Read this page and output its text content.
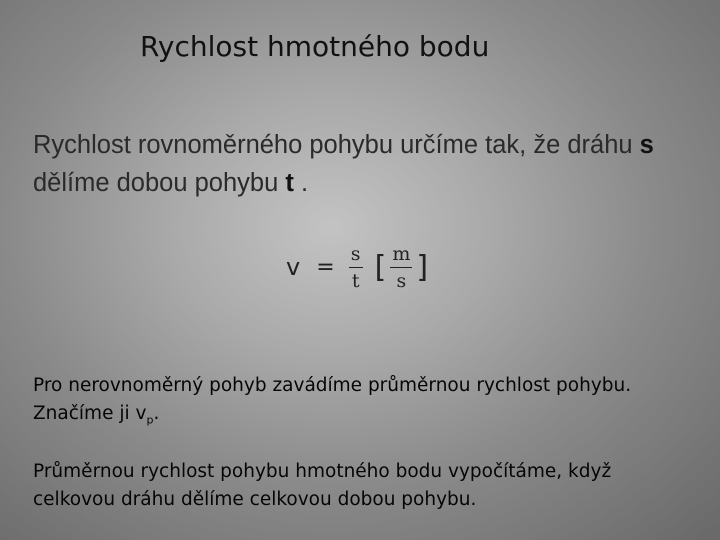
Rychlost hmotného bodu
Rychlost rovnoměrného pohybu určíme tak, že dráhu s dělíme dobou pohybu t .
$v = \frac{s}{t}$ [ $\frac{m}{s}$ ]
Pro nerovnoměrný pohyb zavádíme průměrnou rychlost pohybu.
Značíme ji $v_p$.
Průměrnou rychlost pohybu hmotného bodu vypočítáme, když
celkovou dráhu dělíme celkovou dobou pohybu.
